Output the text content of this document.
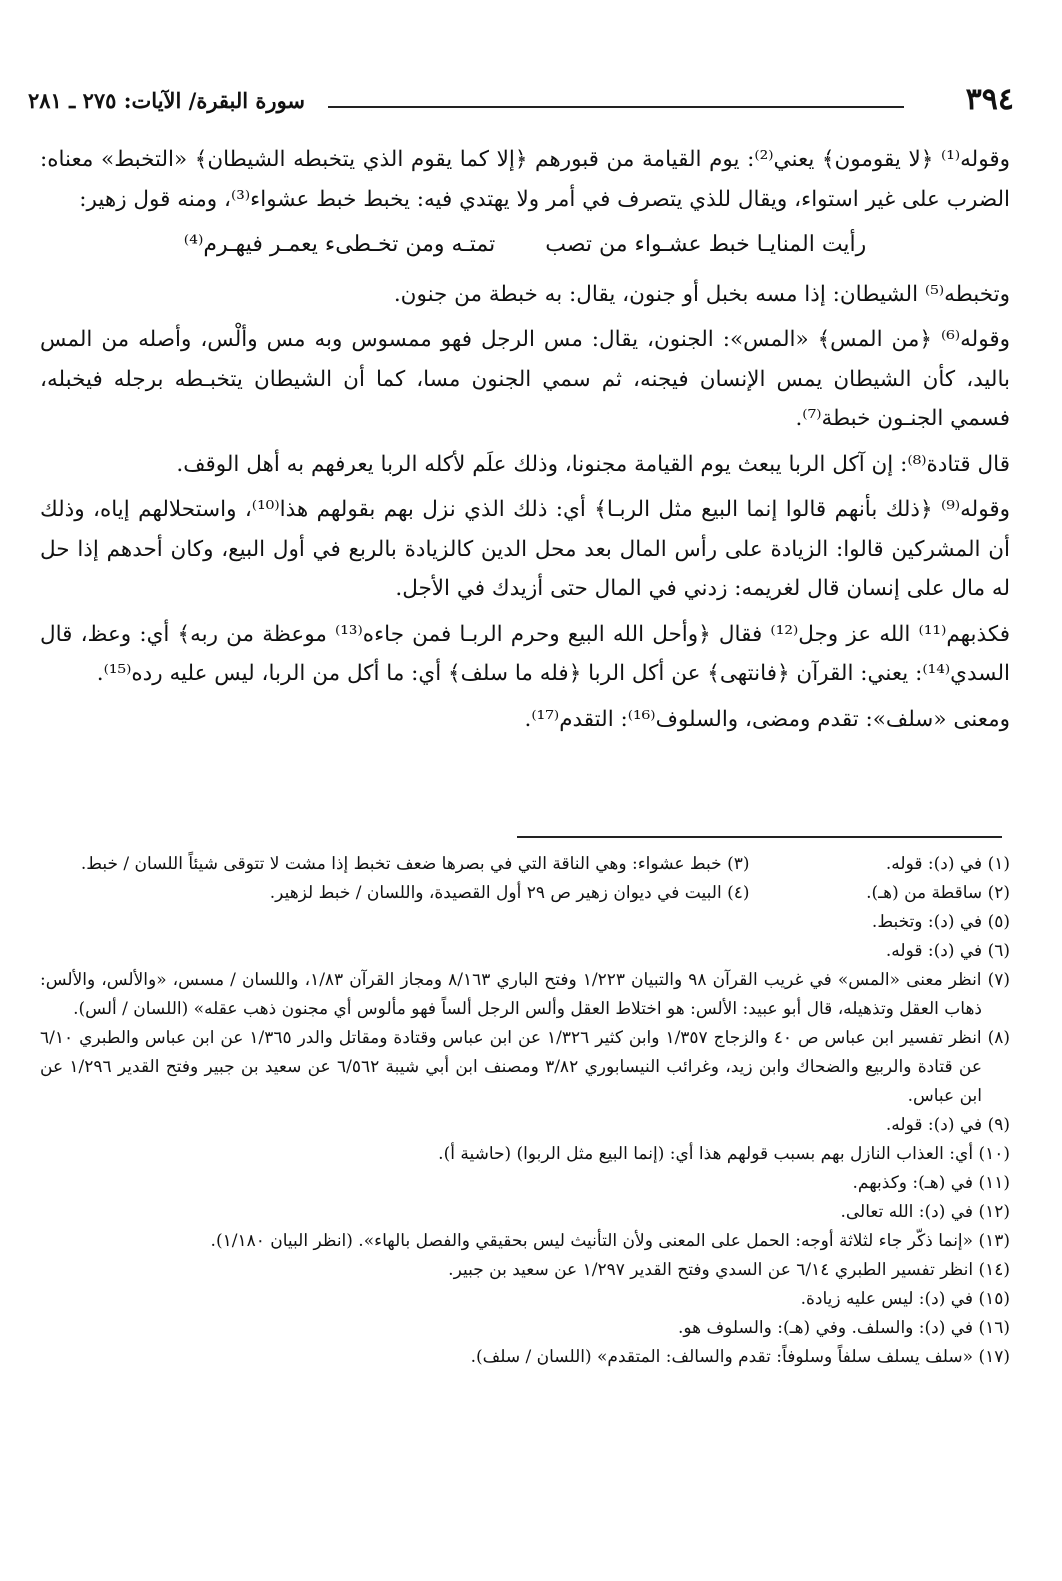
٣٩٤
سورة البقرة/ الآيات: ٢٧٥ ـ ٢٨١

وقوله⁽¹⁾ ﴿لا يقومون﴾ يعني⁽²⁾: يوم القيامة من قبورهم ﴿إلا كما يقوم الذي يتخبطه الشيطان﴾ «التخبط» معناه: الضرب على غير استواء، ويقال للذي يتصرف في أمر ولا يهتدي فيه: يخبط خبط عشواء⁽³⁾، ومنه قول زهير:

رأيت المنايـا خبط عشـواء من تصب
تمتـه ومن تخـطىء يعمـر فيهـرم⁽⁴⁾

وتخبطه⁽⁵⁾ الشيطان: إذا مسه بخبل أو جنون، يقال: به خبطة من جنون.

وقوله⁽⁶⁾ ﴿من المس﴾ «المس»: الجنون، يقال: مس الرجل فهو ممسوس وبه مس وألْس، وأصله من المس باليد، كأن الشيطان يمس الإنسان فيجنه، ثم سمي الجنون مسا، كما أن الشيطان يتخبـطه برجله فيخبله، فسمي الجنـون خبطة⁽⁷⁾.

قال قتادة⁽⁸⁾: إن آكل الربا يبعث يوم القيامة مجنونا، وذلك علَم لأكله الربا يعرفهم به أهل الوقف.

وقوله⁽⁹⁾ ﴿ذلك بأنهم قالوا إنما البيع مثل الربـا﴾ أي: ذلك الذي نزل بهم بقولهم هذا⁽¹⁰⁾، واستحلالهم إياه، وذلك أن المشركين قالوا: الزيادة على رأس المال بعد محل الدين كالزيادة بالربع في أول البيع، وكان أحدهم إذا حل له مال على إنسان قال لغريمه: زدني في المال حتى أزيدك في الأجل.

فكذبهم⁽¹¹⁾ الله عز وجل⁽¹²⁾ فقال ﴿وأحل الله البيع وحرم الربـا فمن جاءه⁽¹³⁾ موعظة من ربه﴾ أي: وعظ، قال السدي⁽¹⁴⁾: يعني: القرآن ﴿فانتهى﴾ عن أكل الربا ﴿فله ما سلف﴾ أي: ما أكل من الربا، ليس عليه رده⁽¹⁵⁾.

ومعنى «سلف»: تقدم ومضى، والسلوف⁽¹⁶⁾: التقدم⁽¹⁷⁾.

(١) في (د): قوله.

(٢) ساقطة من (هـ).

(٣) خبط عشواء: وهي الناقة التي في بصرها ضعف تخبط إذا مشت لا تتوقى شيئاً اللسان / خبط.

(٤) البيت في ديوان زهير ص ٢٩ أول القصيدة، واللسان / خبط لزهير.

(٥) في (د): وتخبط.

(٦) في (د): قوله.

(٧) انظر معنى «المس» في غريب القرآن ٩٨ والتبيان ١/٢٢٣ وفتح الباري ٨/١٦٣ ومجاز القرآن ١/٨٣، واللسان / مسس، «والألس، والألس: ذهاب العقل وتذهيله، قال أبو عبيد: الألس: هو اختلاط العقل وألس الرجل ألساً فهو مألوس أي مجنون ذهب عقله» (اللسان / ألس).

(٨) انظر تفسير ابن عباس ص ٤٠ والزجاج ١/٣٥٧ وابن كثير ١/٣٢٦ عن ابن عباس وقتادة ومقاتل والدر ١/٣٦٥ عن ابن عباس والطبري ٦/١٠ عن قتادة والربيع والضحاك وابن زيد، وغرائب النيسابوري ٣/٨٢ ومصنف ابن أبي شيبة ٦/٥٦٢ عن سعيد بن جبير وفتح القدير ١/٢٩٦ عن ابن عباس.

(٩) في (د): قوله.

(١٠) أي: العذاب النازل بهم بسبب قولهم هذا أي: (إنما البيع مثل الربوا) (حاشية أ).

(١١) في (هـ): وكذبهم.

(١٢) في (د): الله تعالى.

(١٣) «إنما ذكّر جاء لثلاثة أوجه: الحمل على المعنى ولأن التأنيث ليس بحقيقي والفصل بالهاء». (انظر البيان ١/١٨٠).

(١٤) انظر تفسير الطبري ٦/١٤ عن السدي وفتح القدير ١/٢٩٧ عن سعيد بن جبير.

(١٥) في (د): ليس عليه زيادة.

(١٦) في (د): والسلف. وفي (هـ): والسلوف هو.

(١٧) «سلف يسلف سلفاً وسلوفاً: تقدم والسالف: المتقدم» (اللسان / سلف).
